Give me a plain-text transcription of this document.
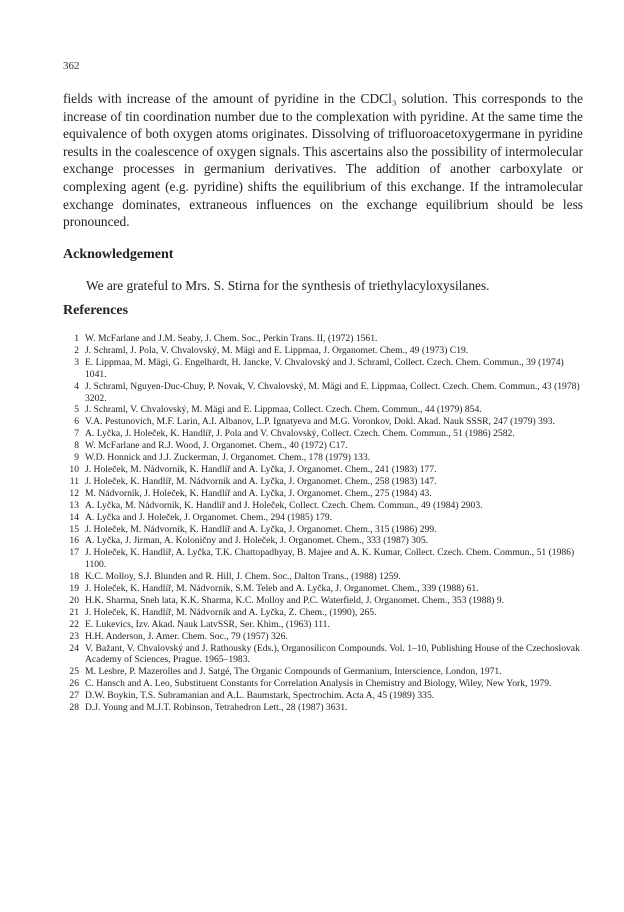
362

fields with increase of the amount of pyridine in the CDCl₃ solution. This corresponds to the increase of tin coordination number due to the complexation with pyridine. At the same time the equivalence of both oxygen atoms originates. Dissolving of trifluoroacetoxygermane in pyridine results in the coalescence of oxygen signals. This ascertains also the possibility of intermolecular exchange processes in germanium derivatives. The addition of another carboxylate or complexing agent (e.g. pyridine) shifts the equilibrium of this exchange. If the intramolecular exchange dominates, extraneous influences on the exchange equilibrium should be less pronounced.

Acknowledgement

We are grateful to Mrs. S. Stirna for the synthesis of triethylacyloxysilanes.

References
1 W. McFarlane and J.M. Seaby, J. Chem. Soc., Perkin Trans. II, (1972) 1561.
2 J. Schraml, J. Pola, V. Chvalovský, M. Mägi and E. Lippmaa, J. Organomet. Chem., 49 (1973) C19.
3 E. Lippmaa, M. Mägi, G. Engelhardt, H. Jancke, V. Chvalovský and J. Schraml, Collect. Czech. Chem. Commun., 39 (1974) 1041.
4 J. Schraml, Nguyen-Duc-Chuy, P. Novak, V. Chvalovský, M. Mägi and E. Lippmaa, Collect. Czech. Chem. Commun., 43 (1978) 3202.
5 J. Schraml, V. Chvalovský, M. Mägi and E. Lippmaa, Collect. Czech. Chem. Commun., 44 (1979) 854.
6 V.A. Pestunovich, M.F. Larin, A.I. Albanov, L.P. Ignatyeva and M.G. Voronkov, Dokl. Akad. Nauk SSSR, 247 (1979) 393.
7 A. Lyčka, J. Holeček, K. Handlíř, J. Pola and V. Chvalovský, Collect. Czech. Chem. Commun., 51 (1986) 2582.
8 W. McFarlane and R.J. Wood, J. Organomet. Chem., 40 (1972) C17.
9 W.D. Honnick and J.J. Zuckerman, J. Organomet. Chem., 178 (1979) 133.
10 J. Holeček, M. Nádvorník, K. Handlíř and A. Lyčka, J. Organomet. Chem., 241 (1983) 177.
11 J. Holeček, K. Handlíř, M. Nádvorník and A. Lyčka, J. Organomet. Chem., 258 (1983) 147.
12 M. Nádvorník, J. Holeček, K. Handlíř and A. Lyčka, J. Organomet. Chem., 275 (1984) 43.
13 A. Lyčka, M. Nádvorník, K. Handlíř and J. Holeček, Collect. Czech. Chem. Commun., 49 (1984) 2903.
14 A. Lyčka and J. Holeček, J. Organomet. Chem., 294 (1985) 179.
15 J. Holeček, M. Nádvorník, K. Handlíř and A. Lyčka, J. Organomet. Chem., 315 (1986) 299.
16 A. Lyčka, J. Jirman, A. Koloničny and J. Holeček, J. Organomet. Chem., 333 (1987) 305.
17 J. Holeček, K. Handlíř, A. Lyčka, T.K. Chattopadhyay, B. Majee and A. K. Kumar, Collect. Czech. Chem. Commun., 51 (1986) 1100.
18 K.C. Molloy, S.J. Blunden and R. Hill, J. Chem. Soc., Dalton Trans., (1988) 1259.
19 J. Holeček, K. Handlíř, M. Nádvorník, S.M. Teleb and A. Lyčka, J. Organomet. Chem., 339 (1988) 61.
20 H.K. Sharma, Sneh lata, K.K. Sharma, K.C. Molloy and P.C. Waterfield, J. Organomet. Chem., 353 (1988) 9.
21 J. Holeček, K. Handlíř, M. Nádvorník and A. Lyčka, Z. Chem., (1990), 265.
22 E. Lukevics, Izv. Akad. Nauk LatvSSR, Ser. Khim., (1963) 111.
23 H.H. Anderson, J. Amer. Chem. Soc., 79 (1957) 326.
24 V. Bažant, V. Chvalovský and J. Rathousky (Eds.), Organosilicon Compounds. Vol. 1–10, Publishing House of the Czechoslovak Academy of Sciences, Prague. 1965–1983.
25 M. Lesbre, P. Mazerolles and J. Satgé, The Organic Compounds of Germanium, Interscience, London, 1971.
26 C. Hansch and A. Leo, Substituent Constants for Correlation Analysis in Chemistry and Biology, Wiley, New York, 1979.
27 D.W. Boykin, T.S. Subramanian and A.L. Baumstark, Spectrochim. Acta A, 45 (1989) 335.
28 D.J. Young and M.J.T. Robinson, Tetrahedron Lett., 28 (1987) 3631.
